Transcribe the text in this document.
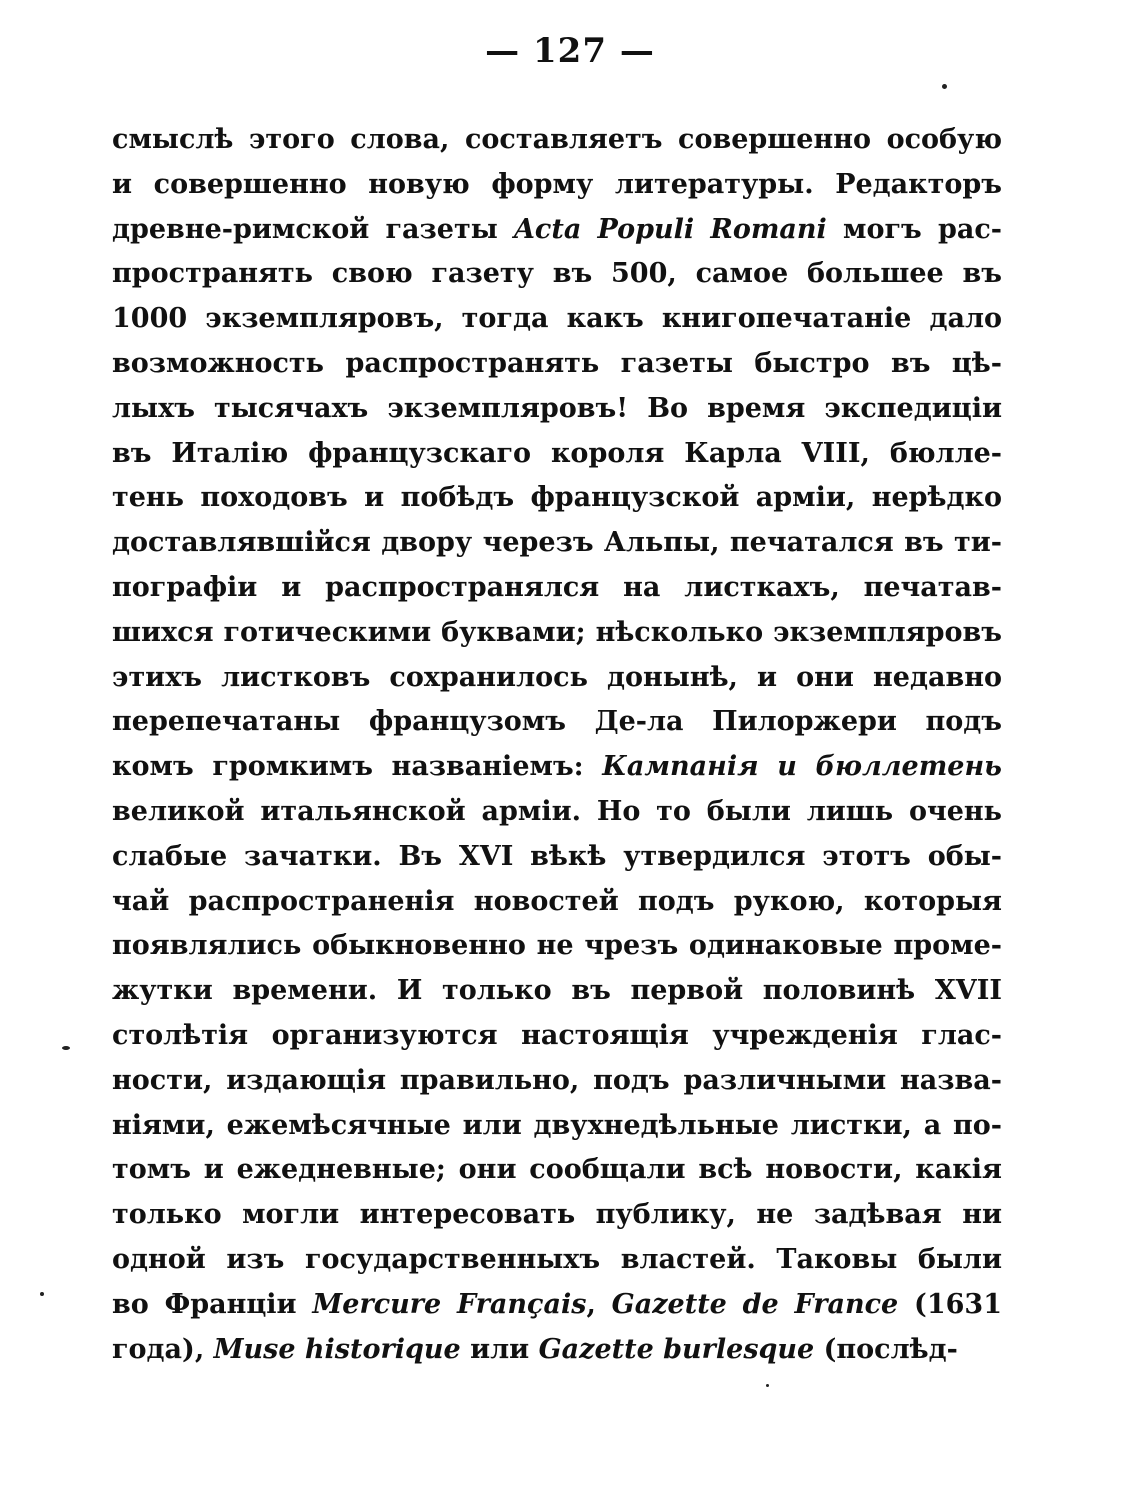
— 127 —
смыслѣ этого слова, составляетъ совершенно особую
и совершенно новую форму литературы. Редакторъ
древне-римской газеты Acta Populi Romani могъ рас-
пространять свою газету въ 500, самое большее въ
1000 экземпляровъ, тогда какъ книгопечатаніе дало
возможность распространять газеты быстро въ цѣ-
лыхъ тысячахъ экземпляровъ! Во время экспедиціи
въ Италію французскаго короля Карла VIII, бюлле-
тень походовъ и побѣдъ французской арміи, нерѣдко
доставлявшійся двору черезъ Альпы, печатался въ ти-
пографіи и распространялся на листкахъ, печатав-
шихся готическими буквами; нѣсколько экземпляровъ
этихъ листковъ сохранилось донынѣ, и они недавно
перепечатаны французомъ Де-ла Пилоржери подъ
комъ громкимъ названіемъ: Кампанія и бюллетень
великой итальянской арміи. Но то были лишь очень
слабые зачатки. Въ XVI вѣкѣ утвердился этотъ обы-
чай распространенія новостей подъ рукою, которыя
появлялись обыкновенно не чрезъ одинаковые проме-
жутки времени. И только въ первой половинѣ XVII
столѣтія организуются настоящія учрежденія глас-
ности, издающія правильно, подъ различными назва-
ніями, ежемѣсячные или двухнедѣльные листки, а по-
томъ и ежедневные; они сообщали всѣ новости, какія
только могли интересовать публику, не задѣвая ни
одной изъ государственныхъ властей. Таковы были
во Франціи Mercure Français, Gazette de France (1631
года), Muse historique или Gazette burlesque (послѣд-
